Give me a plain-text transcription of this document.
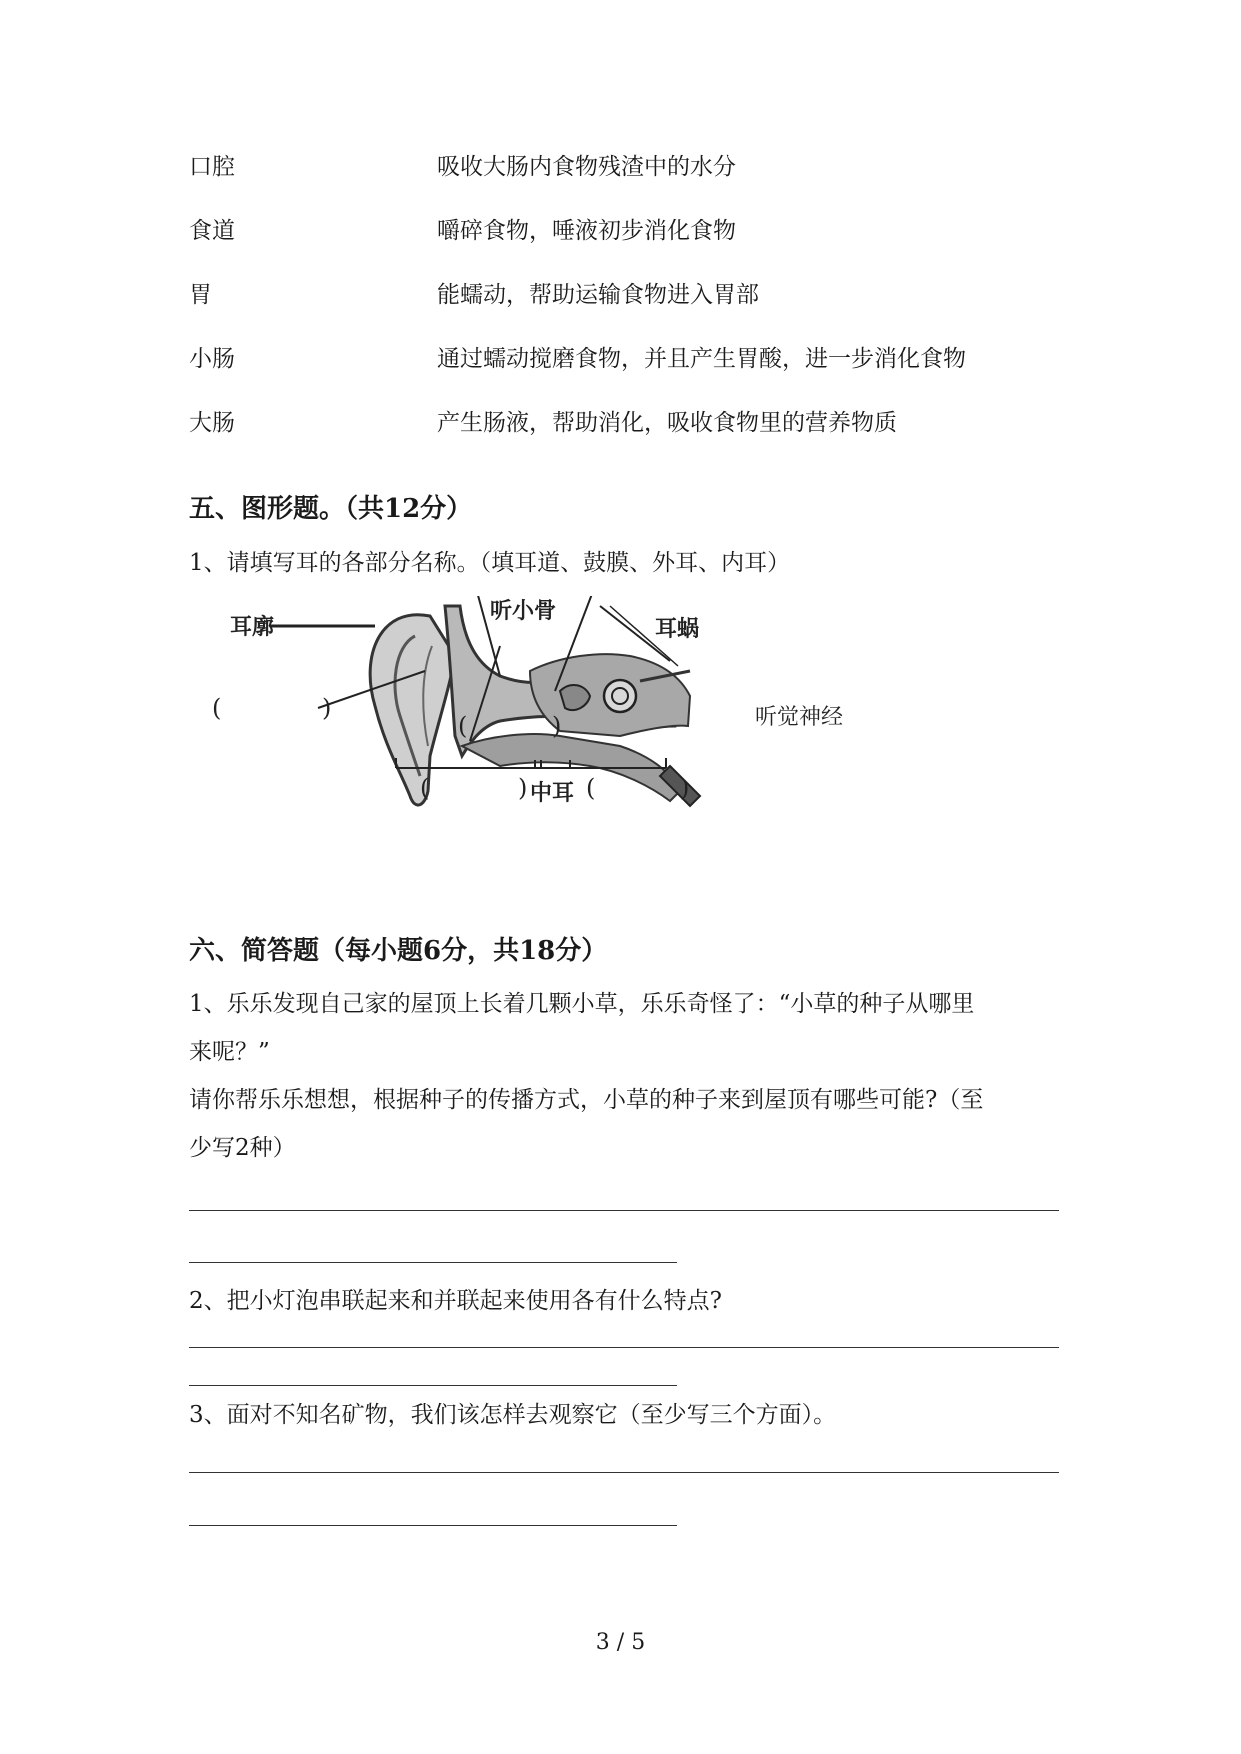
口腔	吸收大肠内食物残渣中的水分
食道	嚼碎食物，唾液初步消化食物
胃	能蠕动，帮助运输食物进入胃部
小肠	通过蠕动搅磨食物，并且产生胃酸，进一步消化食物
大肠	产生肠液，帮助消化，吸收食物里的营养物质
五、图形题。（共12分）
1、请填写耳的各部分名称。（填耳道、鼓膜、外耳、内耳）
耳廓
听小骨
耳蜗
听觉神经
(	)
(	)
(	) 中耳 (	)
六、简答题（每小题6分，共18分）
1、乐乐发现自己家的屋顶上长着几颗小草，乐乐奇怪了：“小草的种子从哪里
来呢？”
请你帮乐乐想想，根据种子的传播方式，小草的种子来到屋顶有哪些可能?（至
少写2种）
2、把小灯泡串联起来和并联起来使用各有什么特点?
3、面对不知名矿物，我们该怎样去观察它（至少写三个方面）。
3 / 5
